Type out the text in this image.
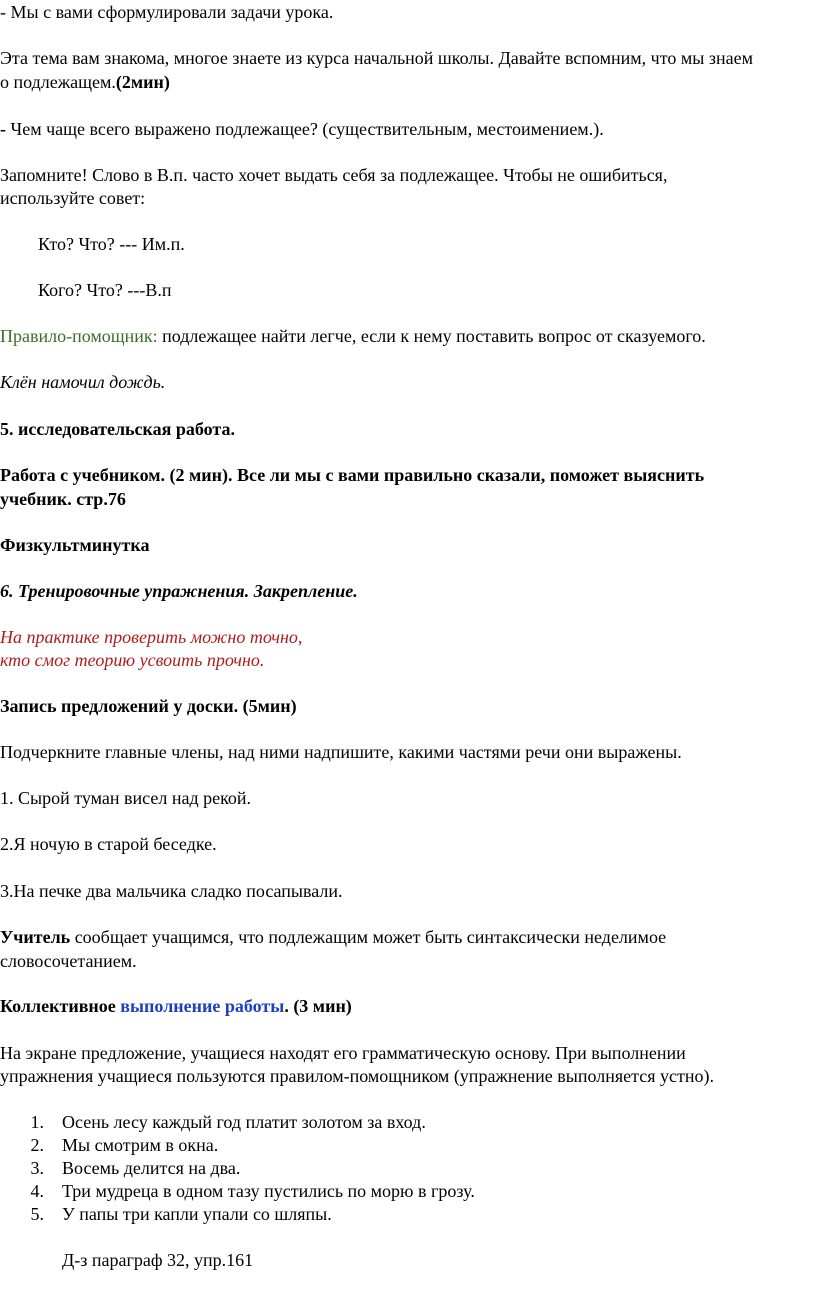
- Мы с вами сформулировали задачи урока.
Эта тема вам знакома, многое знаете из курса начальной школы. Давайте вспомним, что мы знаем
о подлежащем.(2мин)
- Чем чаще всего выражено подлежащее? (существительным, местоимением.).
Запомните! Слово в В.п. часто хочет выдать себя за подлежащее. Чтобы не ошибиться,
используйте совет:
Кто? Что? --- Им.п.
Кого? Что? ---В.п
Правило-помощник: подлежащее найти легче, если к нему поставить вопрос от сказуемого.
Клён намочил дождь.
5. исследовательская работа.
Работа с учебником. (2 мин). Все ли мы с вами правильно сказали, поможет выяснить
учебник. стр.76
Физкультминутка
6. Тренировочные упражнения. Закрепление.
На практике проверить можно точно,
кто смог теорию усвоить прочно.
Запись предложений у доски. (5мин)
Подчеркните главные члены, над ними надпишите, какими частями речи они выражены.
1. Сырой туман висел над рекой.
2.Я ночую в старой беседке.
3.На печке два мальчика сладко посапывали.
Учитель сообщает учащимся, что подлежащим может быть синтаксически неделимое
словосочетанием.
Коллективное выполнение работы. (3 мин)
На экране предложение, учащиеся находят его грамматическую основу. При выполнении
упражнения учащиеся пользуются правилом-помощником (упражнение выполняется устно).
1. Осень лесу каждый год платит золотом за вход.
2. Мы смотрим в окна.
3. Восемь делится на два.
4. Три мудреца в одном тазу пустились по морю в грозу.
5. У папы три капли упали со шляпы.
Д-з параграф 32, упр.161
